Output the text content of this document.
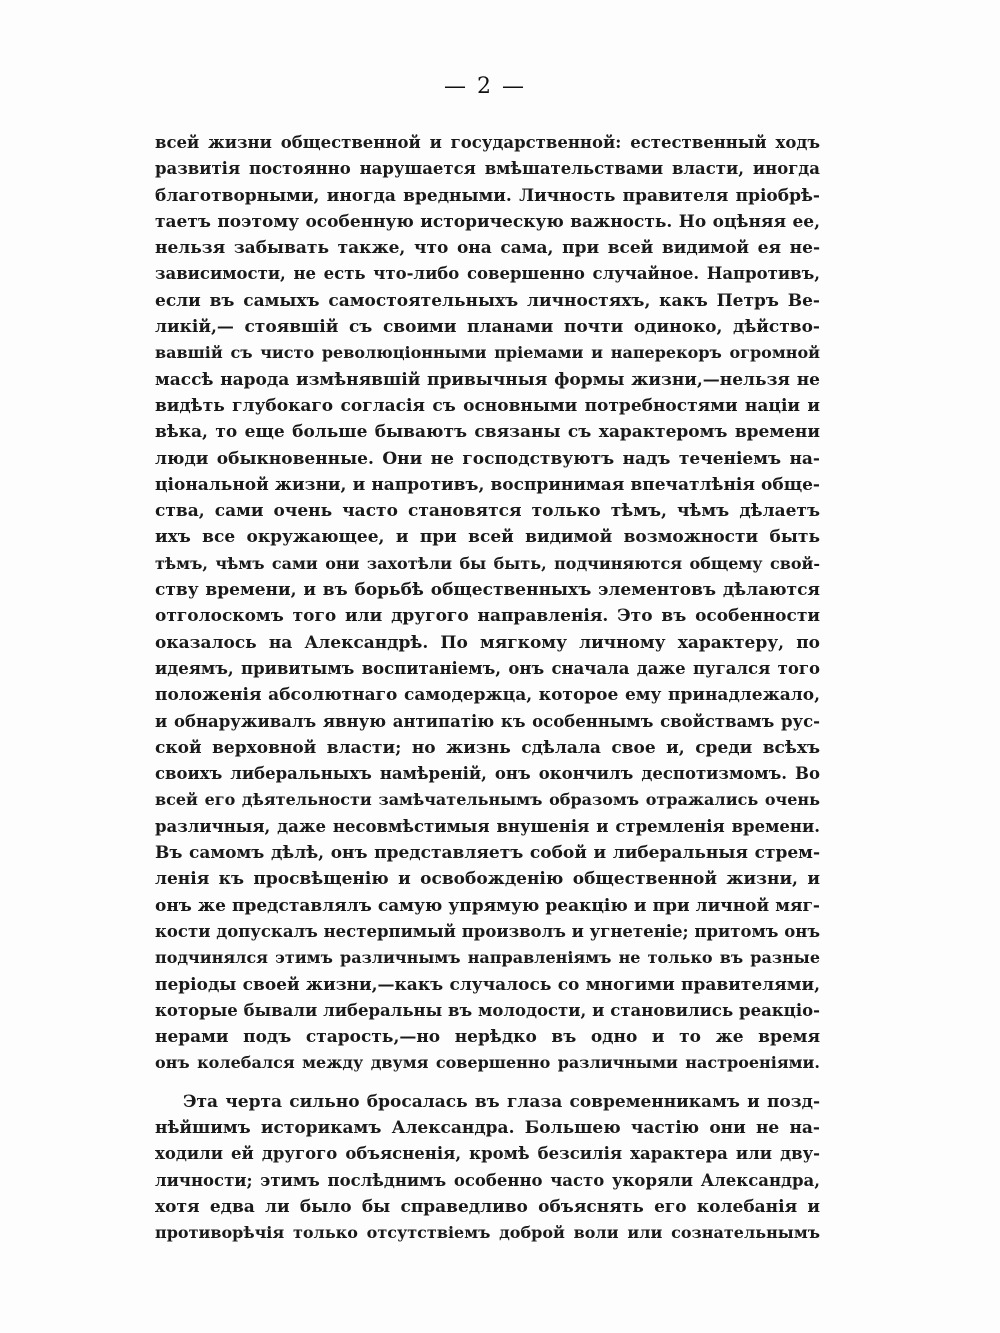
— 2 —
всей жизни общественной и государственной: естественный ходъ
развитія постоянно нарушается вмѣшательствами власти, иногда
благотворными, иногда вредными. Личность правителя пріобрѣ-
таетъ поэтому особенную историческую важность. Но оцѣняя ее,
нельзя забывать также, что она сама, при всей видимой ея не-
зависимости, не есть что-либо совершенно случайное. Напротивъ,
если въ самыхъ самостоятельныхъ личностяхъ, какъ Петръ Ве-
ликій,— стоявшій съ своими планами почти одиноко, дѣйство-
вавшій съ чисто революціонными пріемами и наперекоръ огромной
массѣ народа измѣнявшій привычныя формы жизни,—нельзя не
видѣть глубокаго согласія съ основными потребностями націи и
вѣка, то еще больше бываютъ связаны съ характеромъ времени
люди обыкновенные. Они не господствуютъ надъ теченіемъ на-
ціональной жизни, и напротивъ, воспринимая впечатлѣнія обще-
ства, сами очень часто становятся только тѣмъ, чѣмъ дѣлаетъ
ихъ все окружающее, и при всей видимой возможности быть
тѣмъ, чѣмъ сами они захотѣли бы быть, подчиняются общему свой-
ству времени, и въ борьбѣ общественныхъ элементовъ дѣлаются
отголоскомъ того или другого направленія. Это въ особенности
оказалось на Александрѣ. По мягкому личному характеру, по
идеямъ, привитымъ воспитаніемъ, онъ сначала даже пугался того
положенія абсолютнаго самодержца, которое ему принадлежало,
и обнаруживалъ явную антипатію къ особеннымъ свойствамъ рус-
ской верховной власти; но жизнь сдѣлала свое и, среди всѣхъ
своихъ либеральныхъ намѣреній, онъ окончилъ деспотизмомъ. Во
всей его дѣятельности замѣчательнымъ образомъ отражались очень
различныя, даже несовмѣстимыя внушенія и стремленія времени.
Въ самомъ дѣлѣ, онъ представляетъ собой и либеральныя стрем-
ленія къ просвѣщенію и освобожденію общественной жизни, и
онъ же представлялъ самую упрямую реакцію и при личной мяг-
кости допускалъ нестерпимый произволъ и угнетеніе; притомъ онъ
подчинялся этимъ различнымъ направленіямъ не только въ разные
періоды своей жизни,—какъ случалось со многими правителями,
которые бывали либеральны въ молодости, и становились реакціо-
нерами подъ старость,—но нерѣдко въ одно и то же время
онъ колебался между двумя совершенно различными настроеніями.
Эта черта сильно бросалась въ глаза современникамъ и позд-
нѣйшимъ историкамъ Александра. Большею частію они не на-
ходили ей другого объясненія, кромѣ безсилія характера или дву-
личности; этимъ послѣднимъ особенно часто укоряли Александра,
хотя едва ли было бы справедливо объяснять его колебанія и
противорѣчія только отсутствіемъ доброй воли или сознательнымъ
